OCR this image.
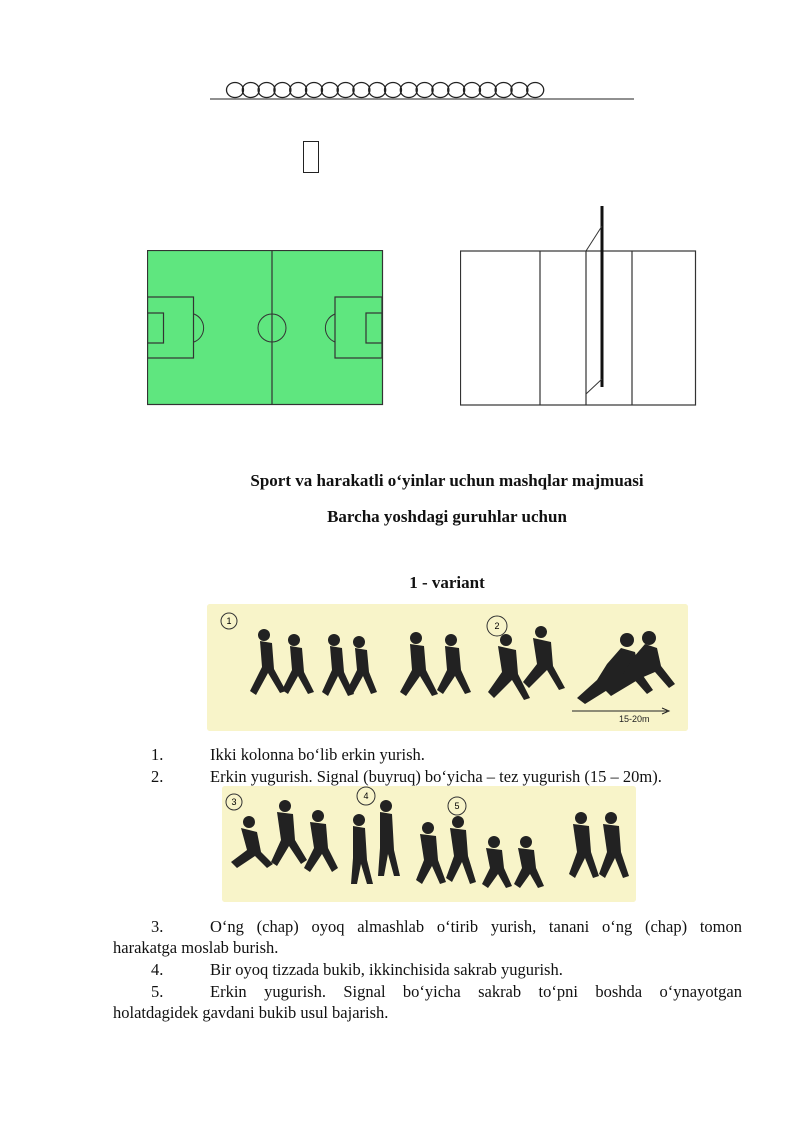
Sport va harakatli o‘yinlar uchun mashqlar majmuasi
Barcha yoshdagi guruhlar uchun
1 - variant
1	2
15-20m
1.	Ikki kolonna bo‘lib erkin yurish.
2.	Erkin yugurish. Signal (buyruq) bo‘yicha – tez yugurish (15 – 20m).
3
4
5
3.	O‘ng (chap) oyoq almashlab o‘tirib yurish, tanani o‘ng (chap) tomon
harakatga moslab burish.
4.	Bir oyoq tizzada bukib, ikkinchisida sakrab yugurish.
5.	Erkin yugurish. Signal bo‘yicha sakrab to‘pni boshda o‘ynayotgan
holatdagidek gavdani bukib usul bajarish.
